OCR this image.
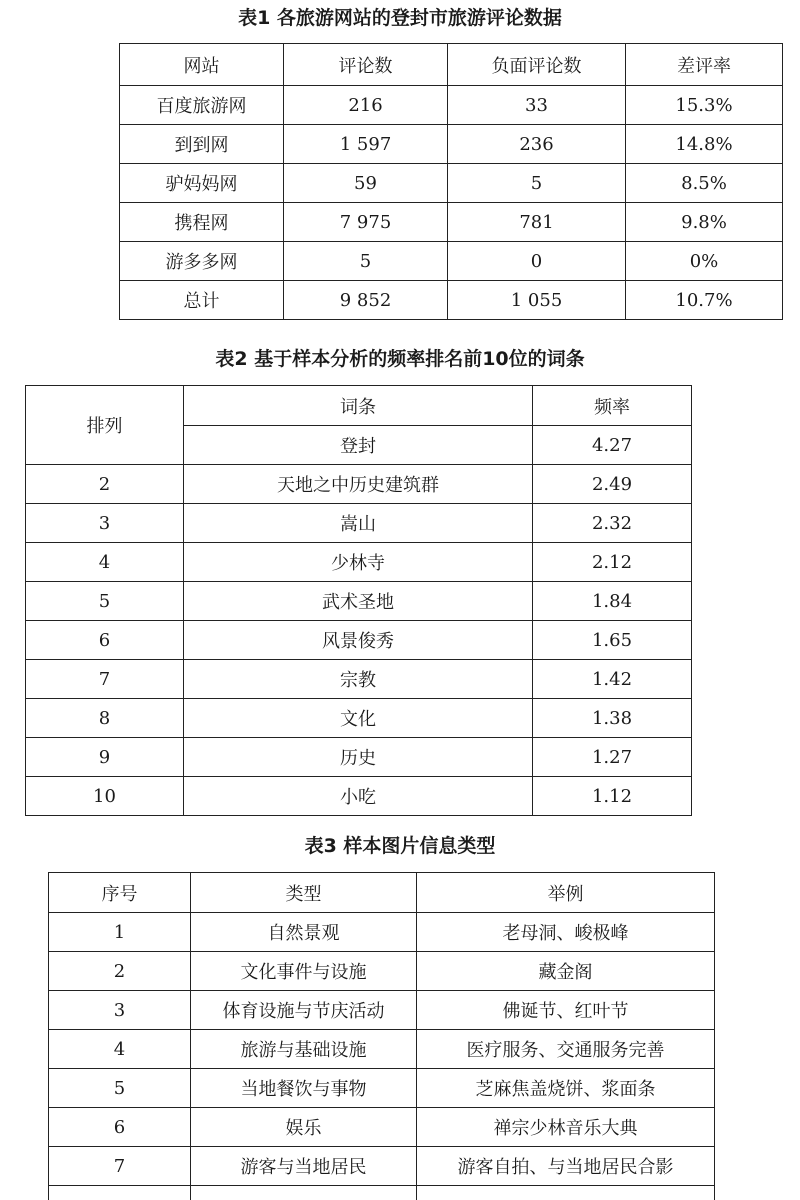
表1 各旅游网站的登封市旅游评论数据
网站	评论数	负面评论数	差评率
百度旅游网	216	33	15.3%
到到网	1 597	236	14.8%
驴妈妈网	59	5	8.5%
携程网	7 975	781	9.8%
游多多网	5	0	0%
总计	9 852	1 055	10.7%
表2 基于样本分析的频率排名前10位的词条
排列	词条	频率
	登封	4.27
2	天地之中历史建筑群	2.49
3	嵩山	2.32
4	少林寺	2.12
5	武术圣地	1.84
6	风景俊秀	1.65
7	宗教	1.42
8	文化	1.38
9	历史	1.27
10	小吃	1.12
表3 样本图片信息类型
序号	类型	举例
1	自然景观	老母洞、峻极峰
2	文化事件与设施	藏金阁
3	体育设施与节庆活动	佛诞节、红叶节
4	旅游与基础设施	医疗服务、交通服务完善
5	当地餐饮与事物	芝麻焦盖烧饼、浆面条
6	娱乐	禅宗少林音乐大典
7	游客与当地居民	游客自拍、与当地居民合影
